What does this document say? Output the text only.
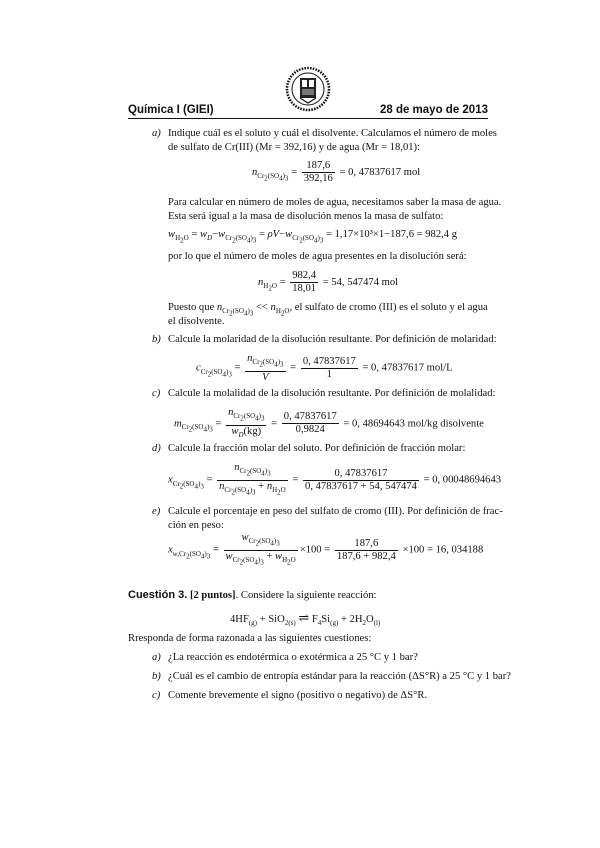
Química I (GIEI)	28 de mayo de 2013
a) Indique cuál es el soluto y cuál el disolvente. Calculamos el número de moles
de sulfato de Cr(III) (Mr = 392,16) y de agua (Mr = 18,01):
$n_{Cr_2(SO_4)_3} = \frac{187,6}{392,16} = 0$, 47837617 mol
Para calcular en número de moles de agua, necesitamos saber la masa de agua.
Esta será igual a la masa de disolución menos la masa de sulfato:
$w_{H_2O} = w_D-w_{Cr_2(SO_4)_3} = \rho V-w_{Cr_2(SO_4)_3} = 1,17\times 10^3\times 1-187,6 = 982,4$ g
por lo que el número de moles de agua presentes en la disolución será:
$n_{H_2O} = \frac{982,4}{18,01} = 54$, 547474 mol
Puesto que $n_{Cr_2(SO_4)_3} << n_{H_2O}$, el sulfato de cromo (III) es el soluto y el agua
el disolvente.
b) Calcule la molaridad de la disolución resultante. Por definición de molaridad:
$c_{Cr_2(SO_4)_3} = \frac{n_{Cr_2(SO_4)_3}}{V} = \frac{0, 47837617}{1} = 0$, 47837617 mol/L
c) Calcule la molalidad de la disolución resultante. Por definición de molalidad:
$m_{Cr_2(SO_4)_3} = \frac{n_{Cr_2(SO_4)_3}}{w_D(kg)} = \frac{0, 47837617}{0,9824} = 0$, 48694643 mol/kg disolvente
d) Calcule la fracción molar del soluto. Por definición de fracción molar:
$x_{Cr_2(SO_4)_3} = \frac{n_{Cr_2(SO_4)_3}}{n_{Cr_2(SO_4)_3} + n_{H_2O}} = \frac{0, 47837617}{0, 47837617 + 54, 547474} = 0$, 00048694643
e) Calcule el porcentaje en peso del sulfato de cromo (III). Por definición de frac-
ción en peso:
$x_{w,Cr_2(SO_4)_3} = \frac{w_{Cr_2(SO_4)_3}}{w_{Cr_2(SO_4)_3} + w_{H_2O}} \times 100 = \frac{187,6}{187,6 + 982,4} \times 100 = 16$, 034188
Cuestión 3. [2 puntos]. Considere la siguiente reacción:
$4HF_{(g)} + SiO_{2(s)}$ ⇌ $F_4Si_{(g)} + 2H_2O_{(l)}$
Rresponda de forma razonada a las siguientes cuestiones:
a) ¿La reacción es endotérmica o exotérmica a 25 °C y 1 bar?
b) ¿Cuál es el cambio de entropía estándar para la reacción (ΔS°R) a 25 °C y 1 bar?
c) Comente brevemente el signo (positivo o negativo) de ΔS°R.
